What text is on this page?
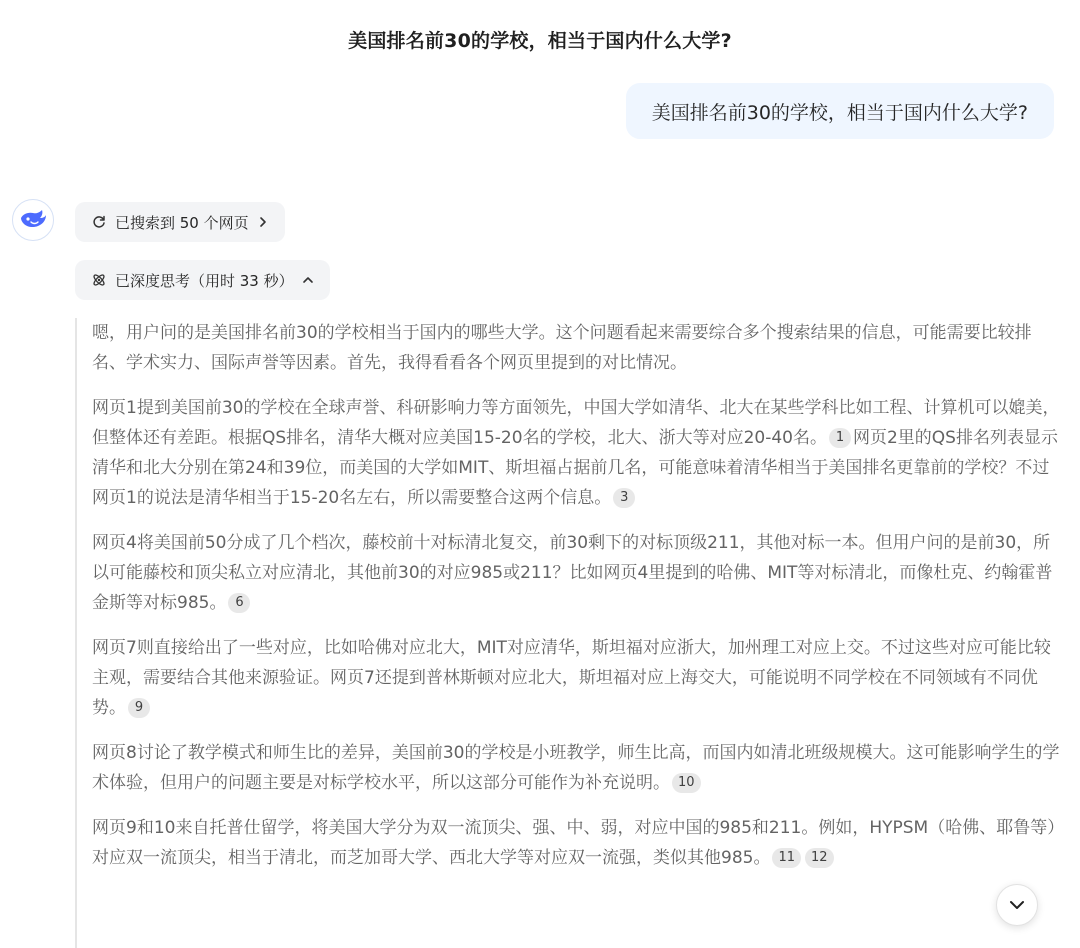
美国排名前30的学校，相当于国内什么大学?
美国排名前30的学校，相当于国内什么大学?
已搜索到 50 个网页
已深度思考（用时 33 秒）

嗯，用户问的是美国排名前30的学校相当于国内的哪些大学。这个问题看起来需要综合多个搜索结果的信息，可能需要比较排名、学术实力、国际声誉等因素。首先，我得看看各个网页里提到的对比情况。

网页1提到美国前30的学校在全球声誉、科研影响力等方面领先，中国大学如清华、北大在某些学科比如工程、计算机可以媲美，但整体还有差距。根据QS排名，清华大概对应美国15-20名的学校，北大、浙大等对应20-40名。 1 网页2里的QS排名列表显示清华和北大分别在第24和39位，而美国的大学如MIT、斯坦福占据前几名，可能意味着清华相当于美国排名更靠前的学校？不过网页1的说法是清华相当于15-20名左右，所以需要整合这两个信息。 3

网页4将美国前50分成了几个档次，藤校前十对标清北复交，前30剩下的对标顶级211，其他对标一本。但用户问的是前30，所以可能藤校和顶尖私立对应清北，其他前30的对应985或211？比如网页4里提到的哈佛、MIT等对标清北，而像杜克、约翰霍普金斯等对标985。 6

网页7则直接给出了一些对应，比如哈佛对应北大，MIT对应清华，斯坦福对应浙大，加州理工对应上交。不过这些对应可能比较主观，需要结合其他来源验证。网页7还提到普林斯顿对应北大，斯坦福对应上海交大，可能说明不同学校在不同领域有不同优势。 9

网页8讨论了教学模式和师生比的差异，美国前30的学校是小班教学，师生比高，而国内如清北班级规模大。这可能影响学生的学术体验，但用户的问题主要是对标学校水平，所以这部分可能作为补充说明。 10

网页9和10来自托普仕留学，将美国大学分为双一流顶尖、强、中、弱，对应中国的985和211。例如，HYPSM（哈佛、耶鲁等）对应双一流顶尖，相当于清北，而芝加哥大学、西北大学等对应双一流强，类似其他985。 11 12
